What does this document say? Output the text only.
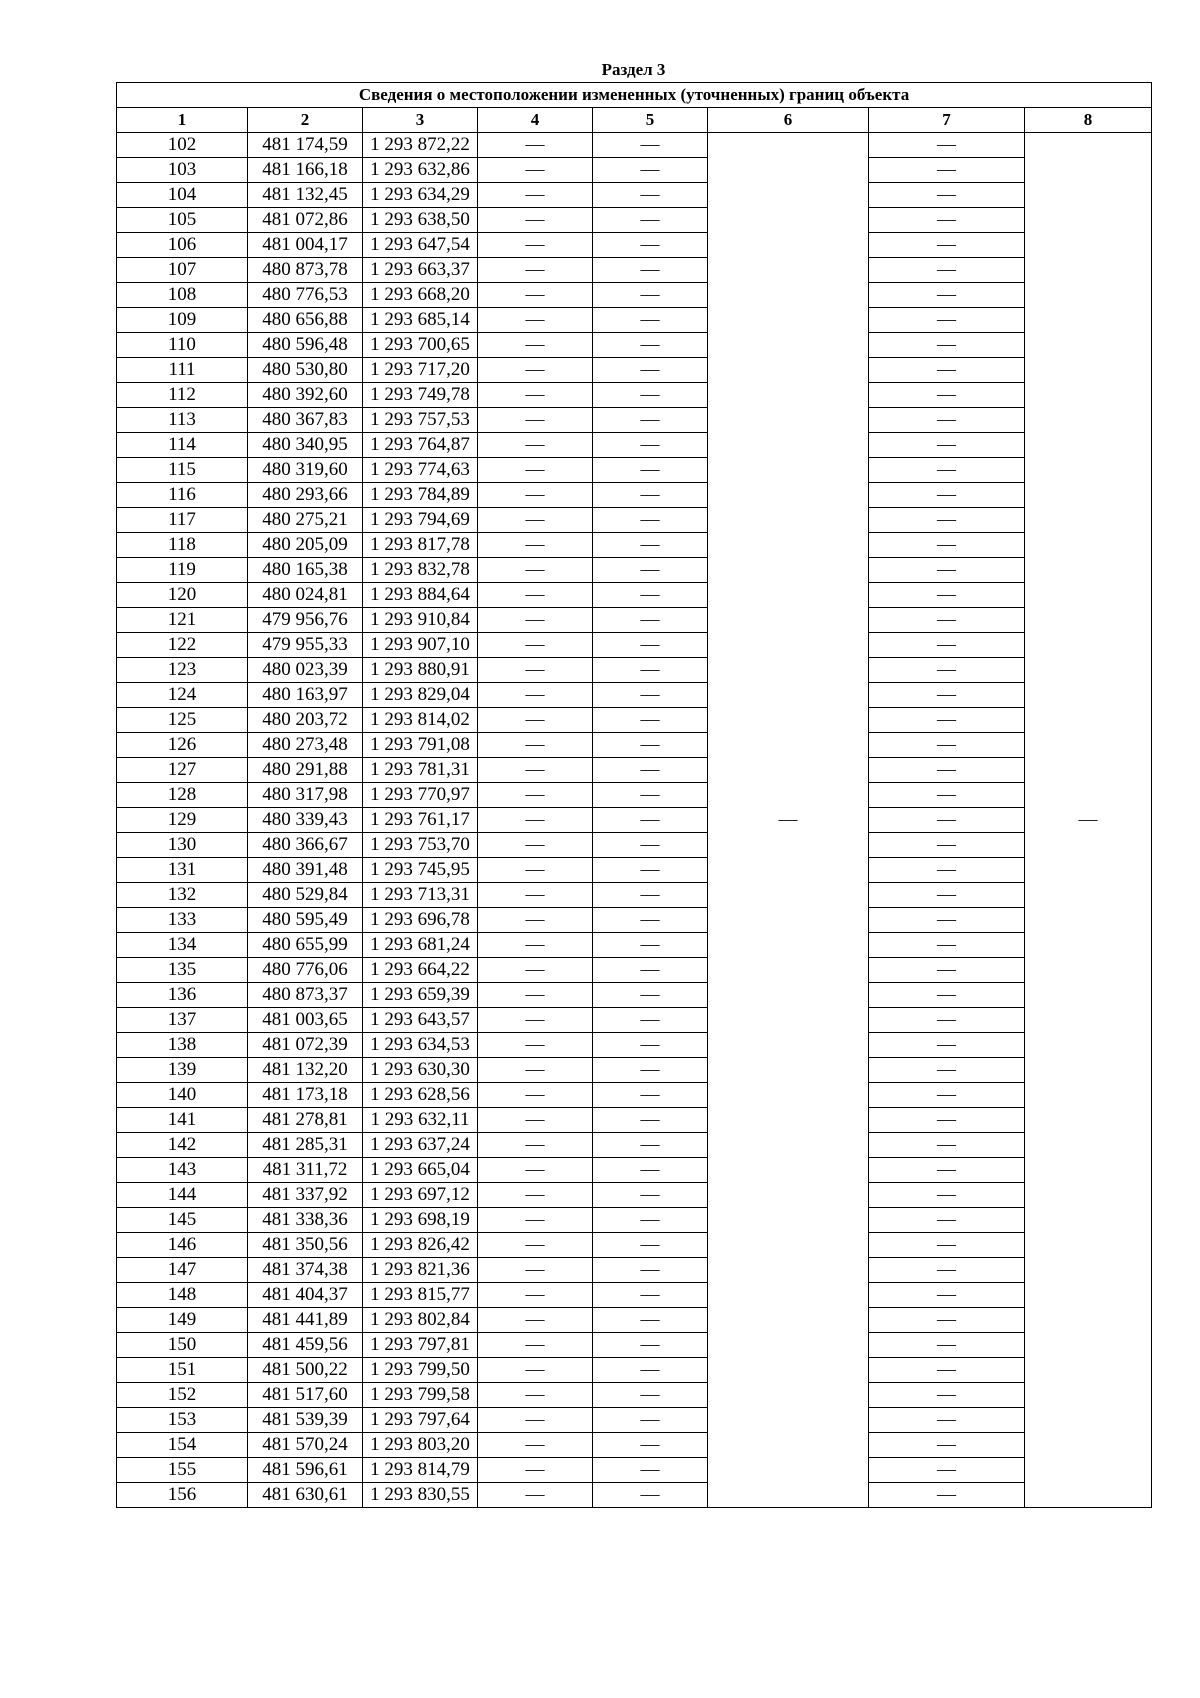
Раздел 3
Сведения о местоположении измененных (уточненных) границ объекта							
1	2	3	4	5	6	7	8
102	481 174,59	1 293 872,22	—	—	—	—	—
103	481 166,18	1 293 632,86	—	—		—	
104	481 132,45	1 293 634,29	—	—		—	
105	481 072,86	1 293 638,50	—	—		—	
106	481 004,17	1 293 647,54	—	—		—	
107	480 873,78	1 293 663,37	—	—		—	
108	480 776,53	1 293 668,20	—	—		—	
109	480 656,88	1 293 685,14	—	—		—	
110	480 596,48	1 293 700,65	—	—		—	
111	480 530,80	1 293 717,20	—	—		—	
112	480 392,60	1 293 749,78	—	—		—	
113	480 367,83	1 293 757,53	—	—		—	
114	480 340,95	1 293 764,87	—	—		—	
115	480 319,60	1 293 774,63	—	—		—	
116	480 293,66	1 293 784,89	—	—		—	
117	480 275,21	1 293 794,69	—	—		—	
118	480 205,09	1 293 817,78	—	—		—	
119	480 165,38	1 293 832,78	—	—		—	
120	480 024,81	1 293 884,64	—	—		—	
121	479 956,76	1 293 910,84	—	—		—	
122	479 955,33	1 293 907,10	—	—		—	
123	480 023,39	1 293 880,91	—	—		—	
124	480 163,97	1 293 829,04	—	—		—	
125	480 203,72	1 293 814,02	—	—		—	
126	480 273,48	1 293 791,08	—	—		—	
127	480 291,88	1 293 781,31	—	—		—	
128	480 317,98	1 293 770,97	—	—		—	
129	480 339,43	1 293 761,17	—	—		—	
130	480 366,67	1 293 753,70	—	—		—	
131	480 391,48	1 293 745,95	—	—		—	
132	480 529,84	1 293 713,31	—	—		—	
133	480 595,49	1 293 696,78	—	—		—	
134	480 655,99	1 293 681,24	—	—		—	
135	480 776,06	1 293 664,22	—	—		—	
136	480 873,37	1 293 659,39	—	—		—	
137	481 003,65	1 293 643,57	—	—		—	
138	481 072,39	1 293 634,53	—	—		—	
139	481 132,20	1 293 630,30	—	—		—	
140	481 173,18	1 293 628,56	—	—		—	
141	481 278,81	1 293 632,11	—	—		—	
142	481 285,31	1 293 637,24	—	—		—	
143	481 311,72	1 293 665,04	—	—		—	
144	481 337,92	1 293 697,12	—	—		—	
145	481 338,36	1 293 698,19	—	—		—	
146	481 350,56	1 293 826,42	—	—		—	
147	481 374,38	1 293 821,36	—	—		—	
148	481 404,37	1 293 815,77	—	—		—	
149	481 441,89	1 293 802,84	—	—		—	
150	481 459,56	1 293 797,81	—	—		—	
151	481 500,22	1 293 799,50	—	—		—	
152	481 517,60	1 293 799,58	—	—		—	
153	481 539,39	1 293 797,64	—	—		—	
154	481 570,24	1 293 803,20	—	—		—	
155	481 596,61	1 293 814,79	—	—		—	
156	481 630,61	1 293 830,55	—	—		—	
